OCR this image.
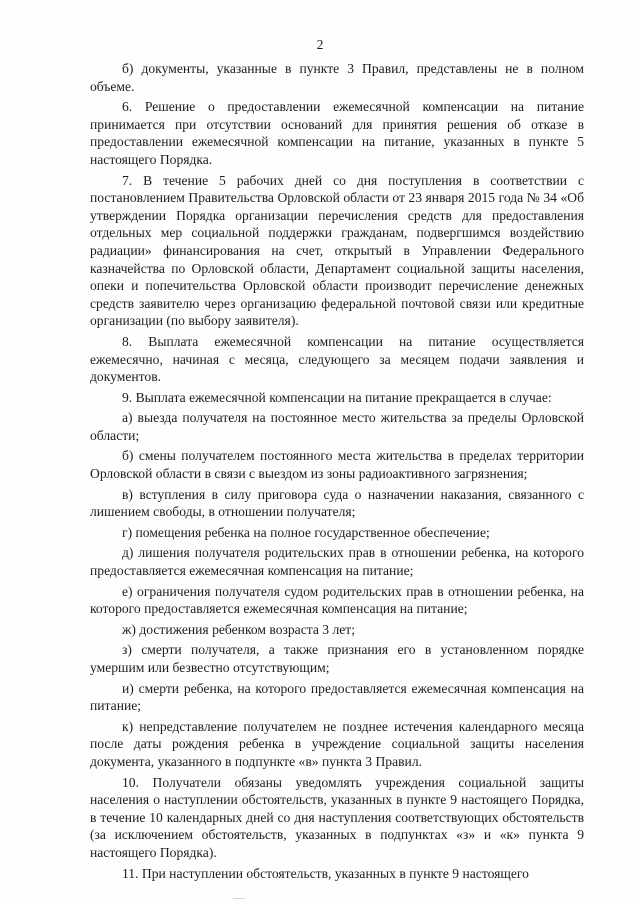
2

б) документы, указанные в пункте 3 Правил, представлены не в полном объеме.

6. Решение о предоставлении ежемесячной компенсации на питание принимается при отсутствии оснований для принятия решения об отказе в предоставлении ежемесячной компенсации на питание, указанных в пункте 5 настоящего Порядка.

7. В течение 5 рабочих дней со дня поступления в соответствии с постановлением Правительства Орловской области от 23 января 2015 года № 34 «Об утверждении Порядка организации перечисления средств для предоставления отдельных мер социальной поддержки гражданам, подвергшимся воздействию радиации» финансирования на счет, открытый в Управлении Федерального казначейства по Орловской области, Департамент социальной защиты населения, опеки и попечительства Орловской области производит перечисление денежных средств заявителю через организацию федеральной почтовой связи или кредитные организации (по выбору заявителя).

8. Выплата ежемесячной компенсации на питание осуществляется ежемесячно, начиная с месяца, следующего за месяцем подачи заявления и документов.

9. Выплата ежемесячной компенсации на питание прекращается в случае:

а) выезда получателя на постоянное место жительства за пределы Орловской области;

б) смены получателем постоянного места жительства в пределах территории Орловской области в связи с выездом из зоны радиоактивного загрязнения;

в) вступления в силу приговора суда о назначении наказания, связанного с лишением свободы, в отношении получателя;

г) помещения ребенка на полное государственное обеспечение;

д) лишения получателя родительских прав в отношении ребенка, на которого предоставляется ежемесячная компенсация на питание;

е) ограничения получателя судом родительских прав в отношении ребенка, на которого предоставляется ежемесячная компенсация на питание;

ж) достижения ребенком возраста 3 лет;

з) смерти получателя, а также признания его в установленном порядке умершим или безвестно отсутствующим;

и) смерти ребенка, на которого предоставляется ежемесячная компенсация на питание;

к) непредставление получателем не позднее истечения календарного месяца после даты рождения ребенка в учреждение социальной защиты населения документа, указанного в подпункте «в» пункта 3 Правил.

10. Получатели обязаны уведомлять учреждения социальной защиты населения о наступлении обстоятельств, указанных в пункте 9 настоящего Порядка, в течение 10 календарных дней со дня наступления соответствующих обстоятельств (за исключением обстоятельств, указанных в подпунктах «з» и «к» пункта 9 настоящего Порядка).

11. При наступлении обстоятельств, указанных в пункте 9 настоящего
